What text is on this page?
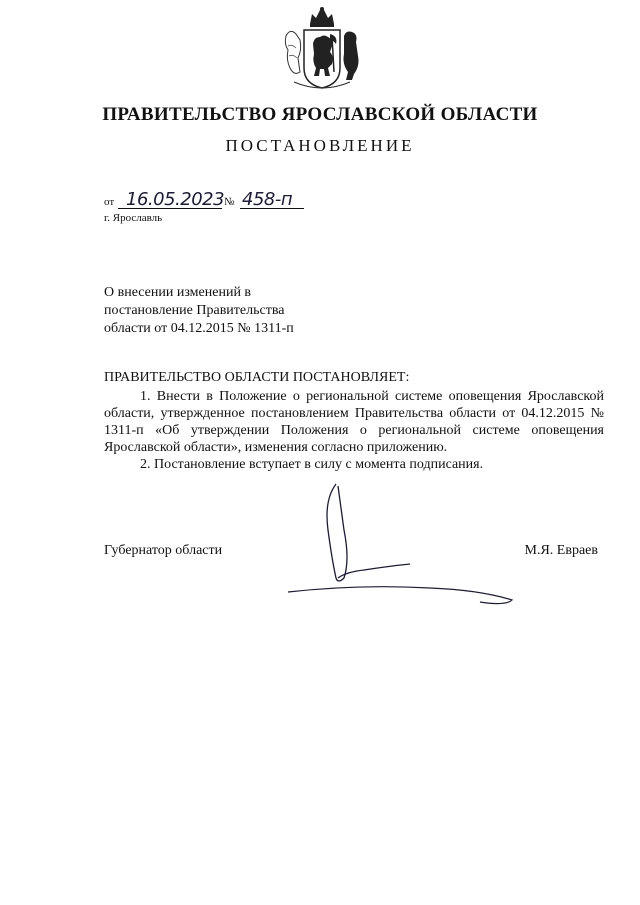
ПРАВИТЕЛЬСТВО ЯРОСЛАВСКОЙ ОБЛАСТИ
ПОСТАНОВЛЕНИЕ
от 16.05.2023 № 458-п
г. Ярославль
О внесении изменений в
постановление Правительства
области от 04.12.2015 № 1311-п
ПРАВИТЕЛЬСТВО ОБЛАСТИ ПОСТАНОВЛЯЕТ:

1. Внести в Положение о региональной системе оповещения Ярославской области, утвержденное постановлением Правительства области от 04.12.2015 № 1311-п «Об утверждении Положения о региональной системе оповещения Ярославской области», изменения согласно приложению.

2. Постановление вступает в силу с момента подписания.

Губернатор области	М.Я. Евраев
